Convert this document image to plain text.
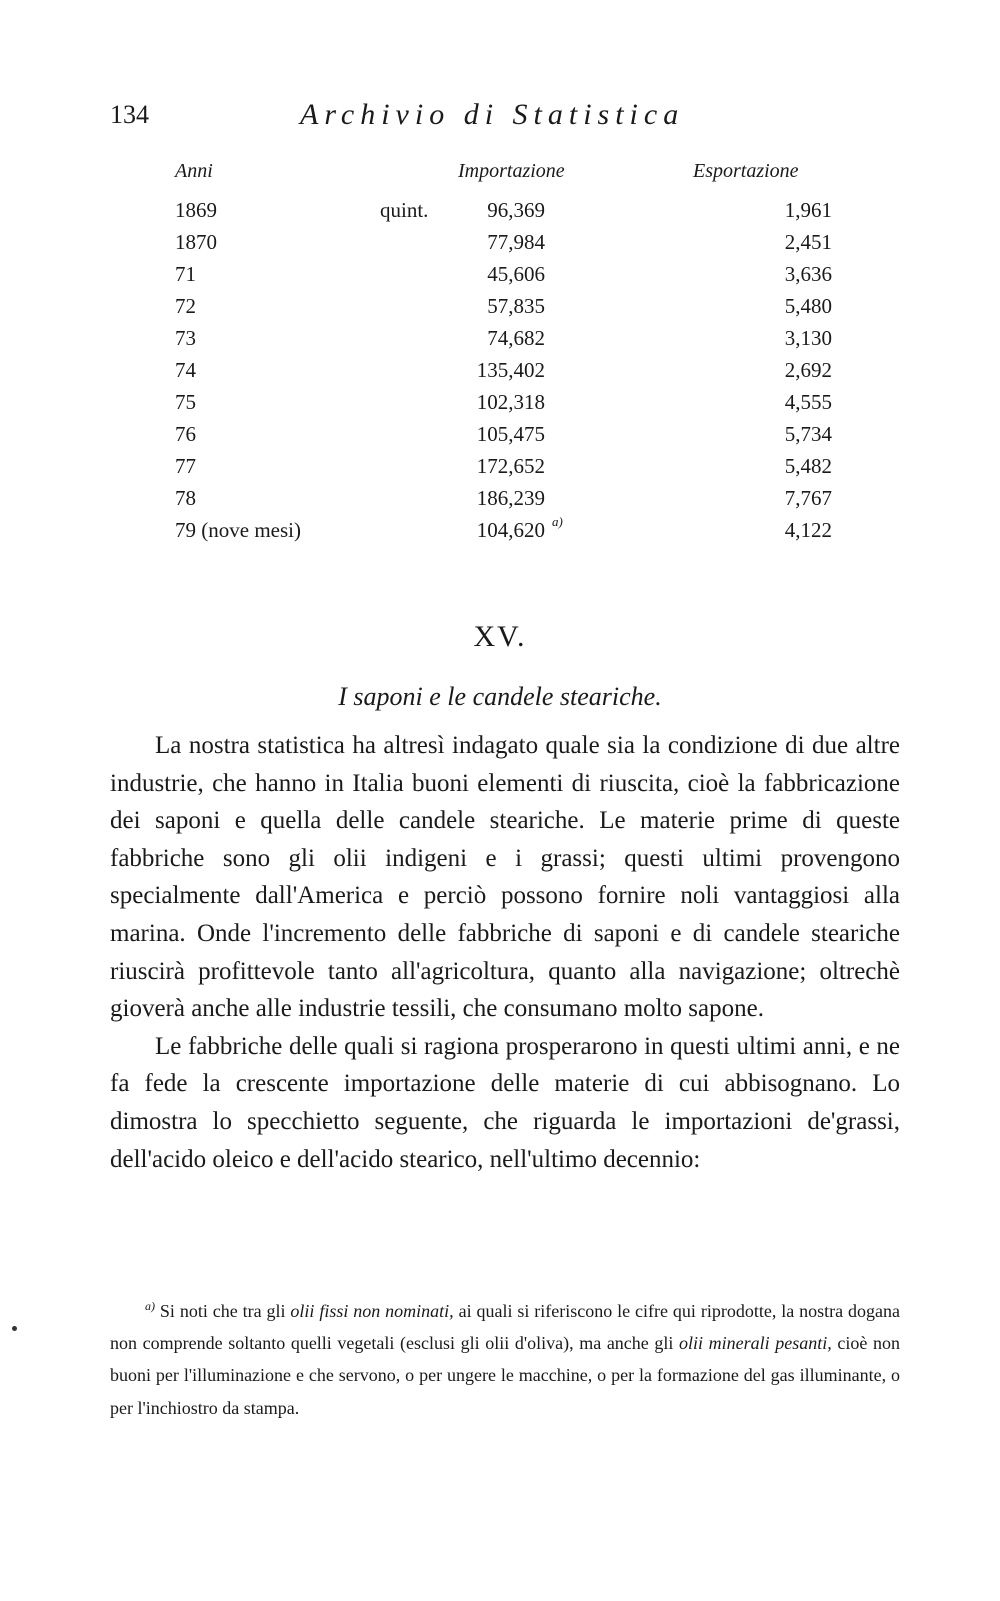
134	Archivio di Statistica
Anni	Importazione	Esportazione
1869	quint.	96,369	1,961
1870	77,984	2,451
71	45,606	3,636
72	57,835	5,480
73	74,682	3,130
74	135,402	2,692
75	102,318	4,555
76	105,475	5,734
77	172,652	5,482
78	186,239	7,767
79 (nove mesi)	104,620 a)	4,122
XV.
I saponi e le candele steariche.

La nostra statistica ha altresì indagato quale sia la condizione di due altre industrie, che hanno in Italia buoni elementi di riuscita, cioè la fabbricazione dei saponi e quella delle candele steariche. Le materie prime di queste fabbriche sono gli olii indigeni e i grassi; questi ultimi provengono specialmente dall'America e perciò possono fornire noli vantaggiosi alla marina. Onde l'incremento delle fabbriche di saponi e di candele steariche riuscirà profittevole tanto all'agricoltura, quanto alla navigazione; oltrechè gioverà anche alle industrie tessili, che consumano molto sapone.

Le fabbriche delle quali si ragiona prosperarono in questi ultimi anni, e ne fa fede la crescente importazione delle materie di cui abbisognano. Lo dimostra lo specchietto seguente, che riguarda le importazioni de'grassi, dell'acido oleico e dell'acido stearico, nell'ultimo decennio:

$^{a)}$ Si noti che tra gli olii fissi non nominati, ai quali si riferiscono le cifre qui riprodotte, la nostra dogana non comprende soltanto quelli vegetali (esclusi gli olii d'oliva), ma anche gli olii minerali pesanti, cioè non buoni per l'illuminazione e che servono, o per ungere le macchine, o per la formazione del gas illuminante, o per l'inchiostro da stampa.
